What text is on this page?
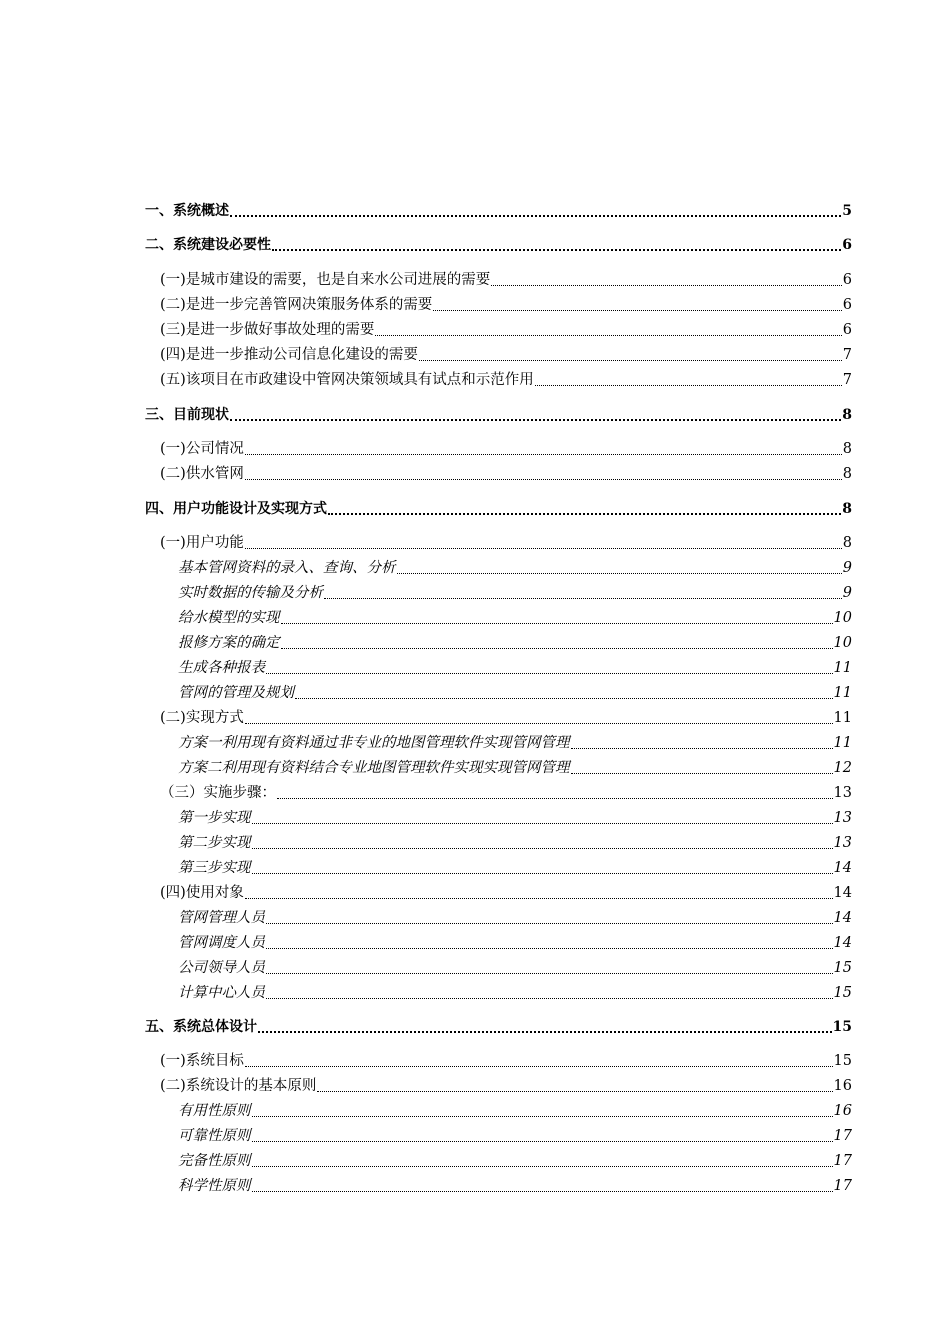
一、系统概述	5
二、系统建设必要性	6
(一)是城市建设的需要，也是自来水公司进展的需要	6
(二)是进一步完善管网决策服务体系的需要	6
(三)是进一步做好事故处理的需要	6
(四)是进一步推动公司信息化建设的需要	7
(五)该项目在市政建设中管网决策领域具有试点和示范作用	7
三、目前现状	8
(一)公司情况	8
(二)供水管网	8
四、用户功能设计及实现方式	8
(一)用户功能	8
基本管网资料的录入、查询、分析	9
实时数据的传输及分析	9
给水模型的实现	10
报修方案的确定	10
生成各种报表	11
管网的管理及规划	11
(二)实现方式	11
方案一利用现有资料通过非专业的地图管理软件实现管网管理	11
方案二利用现有资料结合专业地图管理软件实现实现管网管理	12
（三）实施步骤：	13
第一步实现	13
第二步实现	13
第三步实现	14
(四)使用对象	14
管网管理人员	14
管网调度人员	14
公司领导人员	15
计算中心人员	15
五、系统总体设计	15
(一)系统目标	15
(二)系统设计的基本原则	16
有用性原则	16
可靠性原则	17
完备性原则	17
科学性原则	17
